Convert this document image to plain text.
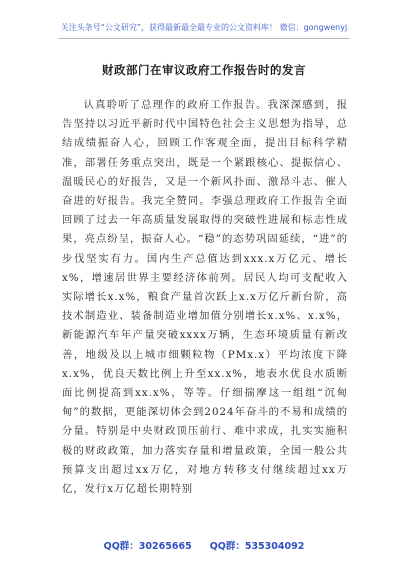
关注头条号“公文研究”，获得最新最全最专业的公文资料库！ 微信：gongwenyj
财政部门在审议政府工作报告时的发言

认真聆听了总理作的政府工作报告。我深深感到，报告坚持以习近平新时代中国特色社会主义思想为指导，总结成绩振奋人心，回顾工作客观全面，提出目标科学精准，部署任务重点突出，既是一个紧跟核心、提振信心、温暖民心的好报告，又是一个新风扑面、激昂斗志、催人奋进的好报告。我完全赞同。李强总理政府工作报告全面回顾了过去一年高质量发展取得的突破性进展和标志性成果，亮点纷呈，振奋人心。“稳”的态势巩固延续，“进”的步伐坚实有力。国内生产总值达到xxx.x万亿元、增长x%，增速居世界主要经济体前列。居民人均可支配收入实际增长x.x%，粮食产量首次跃上x.x万亿斤新台阶，高技术制造业、装备制造业增加值分别增长x.x%、x.x%，新能源汽车年产量突破xxxx万辆，生态环境质量有新改善，地级及以上城市细颗粒物（PMx.x）平均浓度下降x.x%，优良天数比例上升至xx.x%，地表水优良水质断面比例提高到xx.x%，等等。仔细揣摩这一组组“沉甸甸”的数据，更能深切体会到2024年奋斗的不易和成绩的分量。特别是中央财政顶压前行、难中求成，扎实实施积极的财政政策，加力落实存量和增量政策，全国一般公共预算支出超过xx万亿，对地方转移支付继续超过xx万亿，发行x万亿超长期特别

QQ群：30265665 QQ群：535304092
